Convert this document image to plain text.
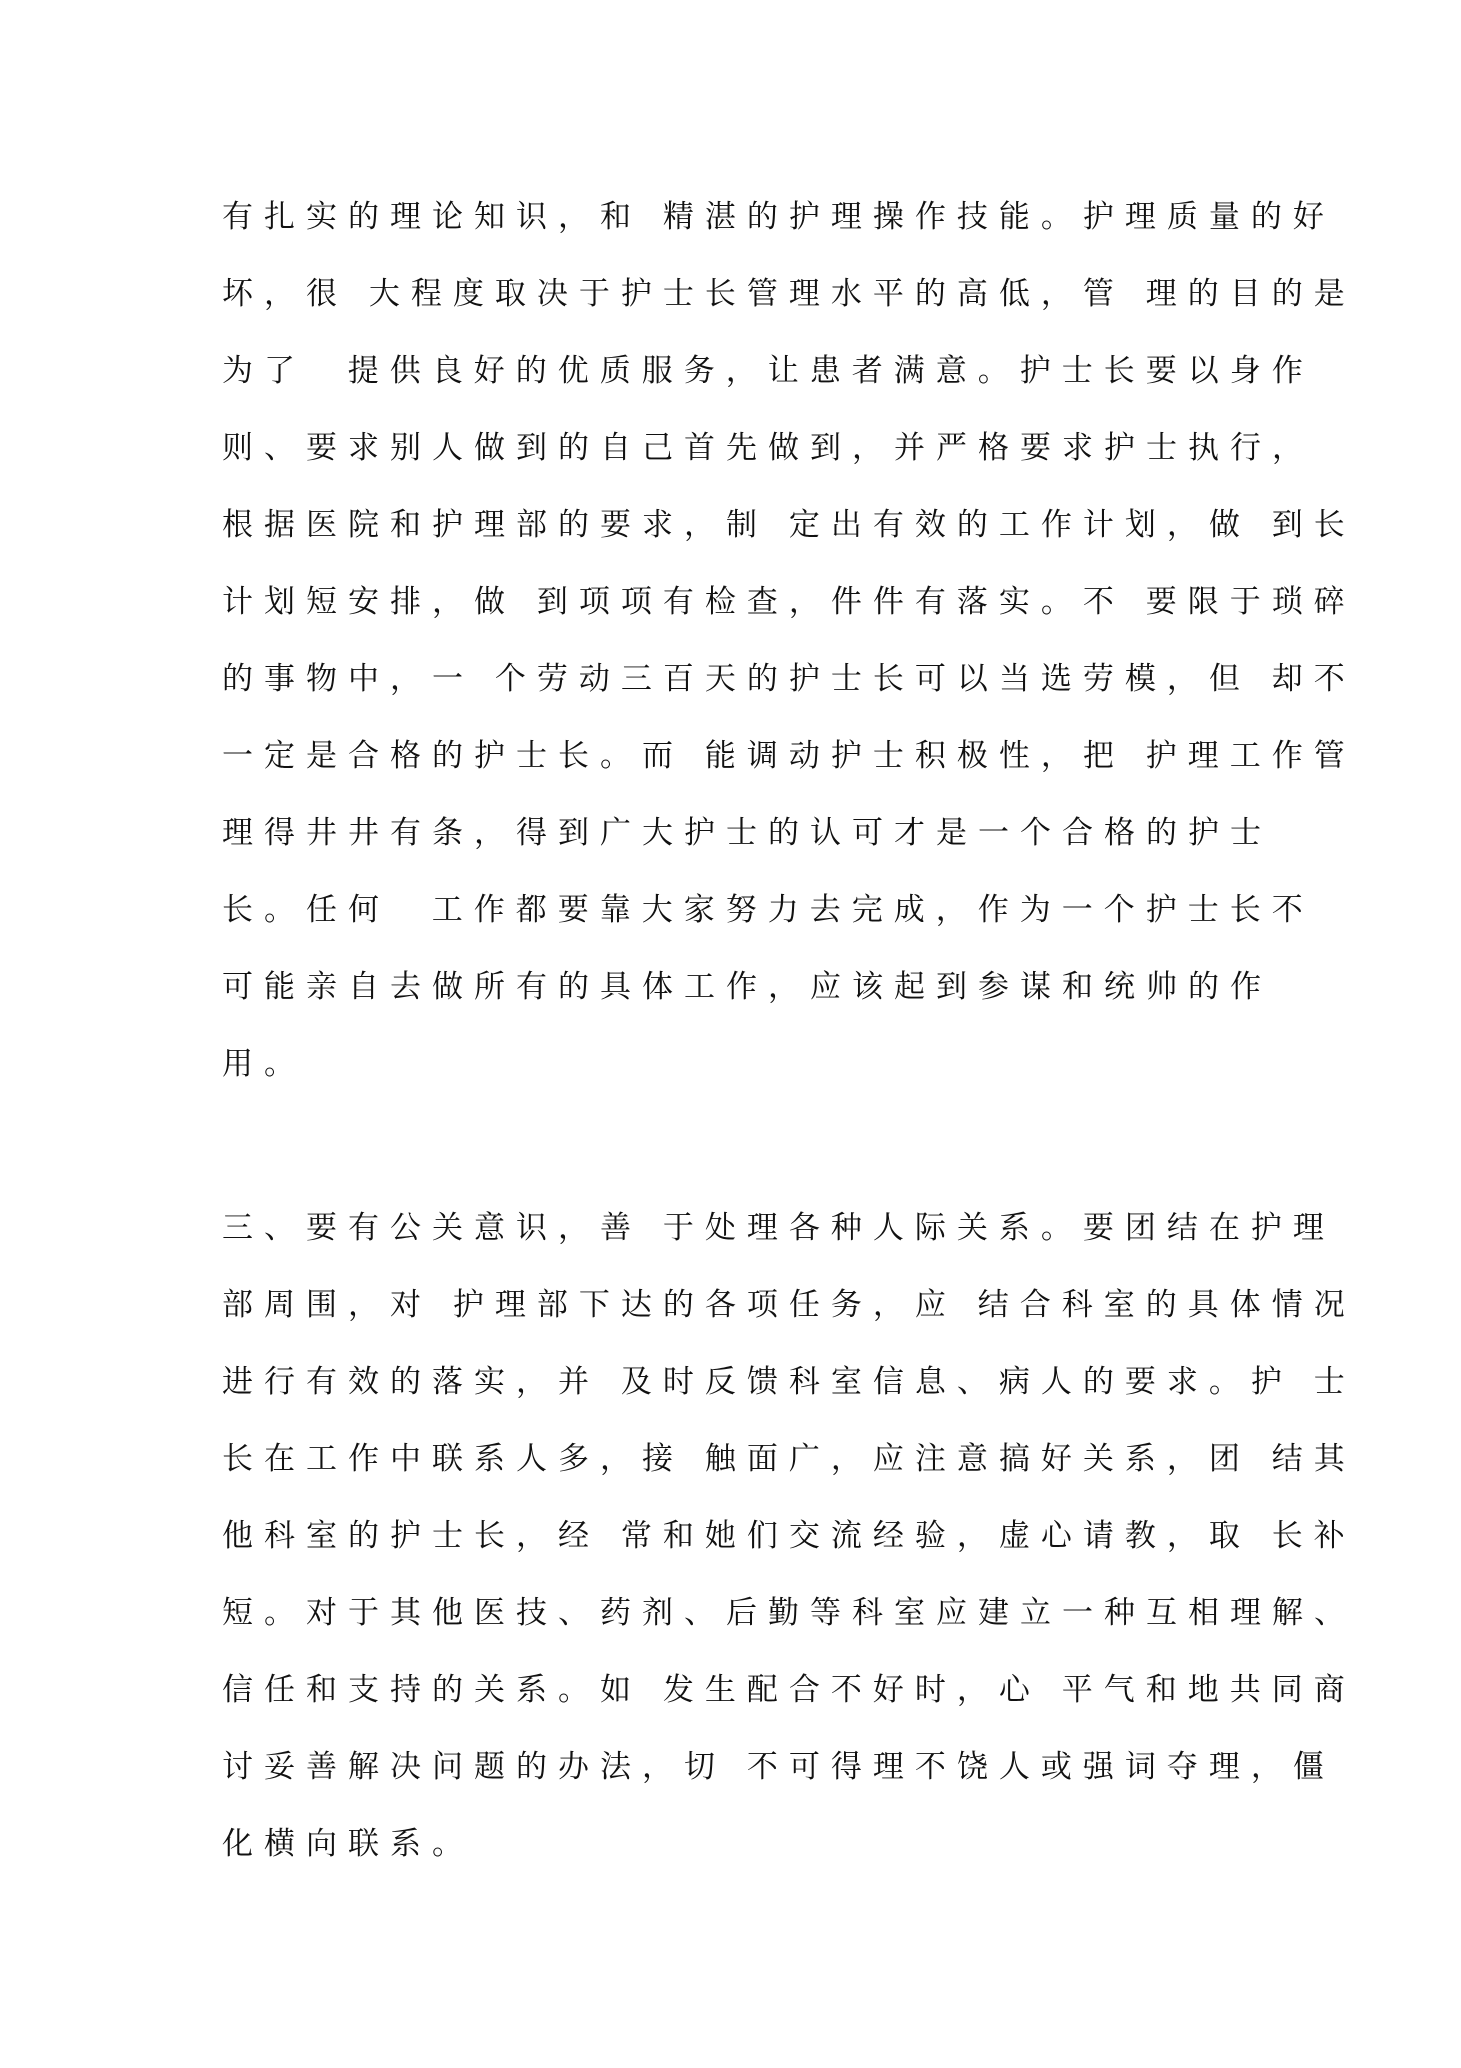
有扎实的理论知识，和 精湛的护理操作技能。护理质量的好

坏，很 大程度取决于护士长管理水平的高低，管 理的目的是

为了  提供良好的优质服务，让患者满意。护士长要以身作

则、要求别人做到的自己首先做到，并严格要求护士执行，

根据医院和护理部的要求，制 定出有效的工作计划，做 到长

计划短安排，做 到项项有检查，件件有落实。不 要限于琐碎

的事物中，一 个劳动三百天的护士长可以当选劳模，但 却不

一定是合格的护士长。而 能调动护士积极性，把 护理工作管

理得井井有条，得到广大护士的认可才是一个合格的护士

长。任何  工作都要靠大家努力去完成，作为一个护士长不

可能亲自去做所有的具体工作，应该起到参谋和统帅的作

用。

三、要有公关意识，善 于处理各种人际关系。要团结在护理

部周围，对 护理部下达的各项任务，应 结合科室的具体情况

进行有效的落实，并 及时反馈科室信息、病人的要求。护 士

长在工作中联系人多，接 触面广，应注意搞好关系，团 结其

他科室的护士长，经 常和她们交流经验，虚心请教，取 长补

短。对于其他医技、药剂、后勤等科室应建立一种互相理解、

信任和支持的关系。如 发生配合不好时，心 平气和地共同商

讨妥善解决问题的办法，切 不可得理不饶人或强词夺理，僵

化横向联系。
